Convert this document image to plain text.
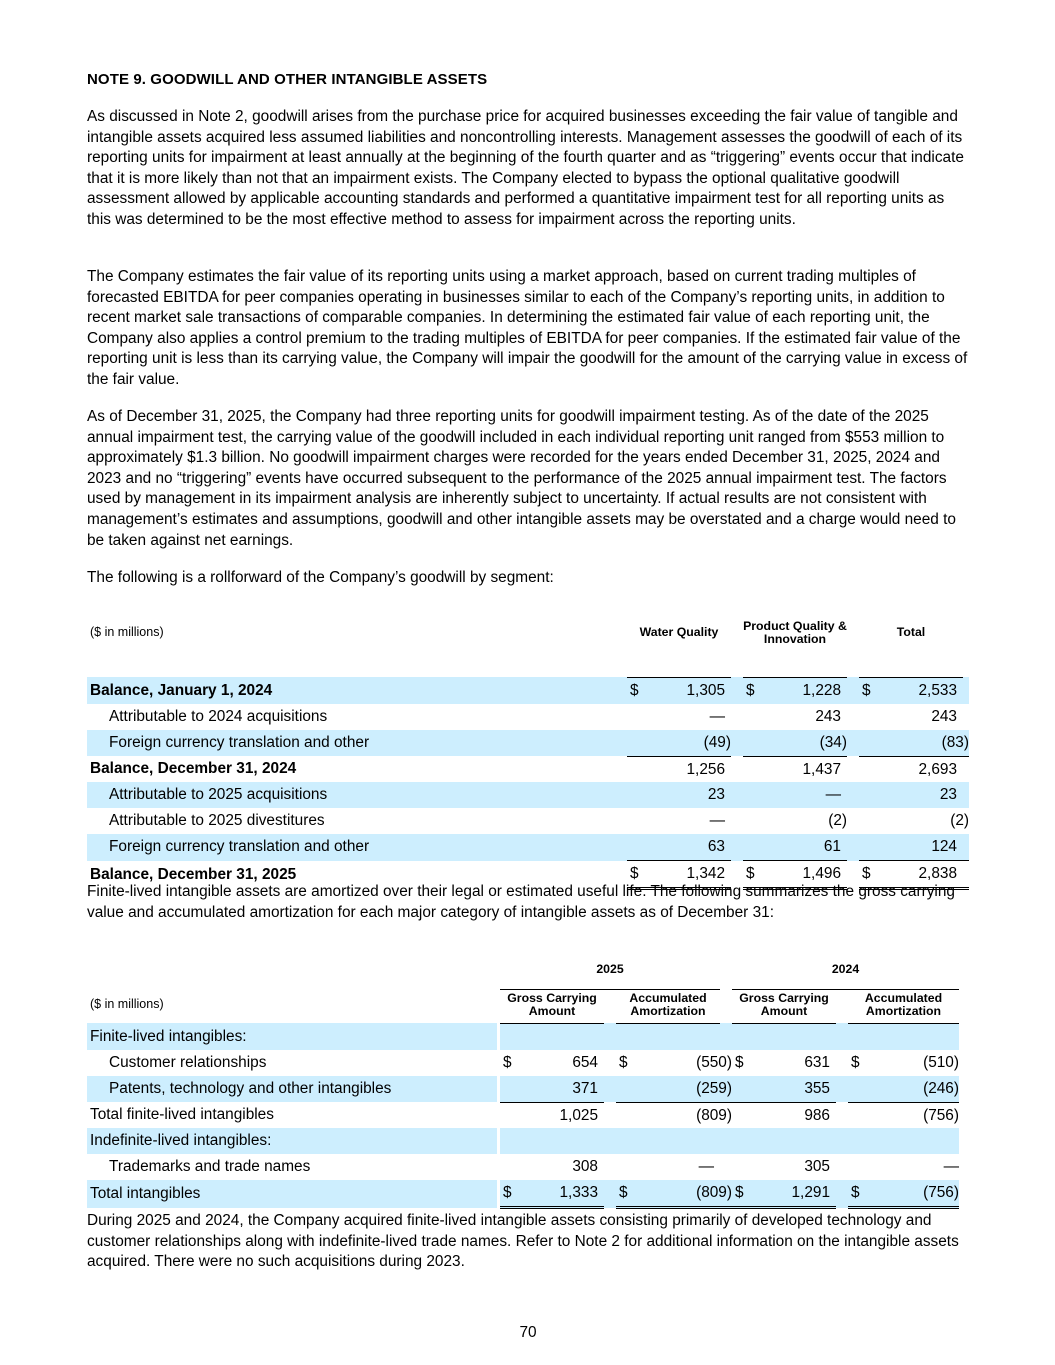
NOTE 9. GOODWILL AND OTHER INTANGIBLE ASSETS
As discussed in Note 2, goodwill arises from the purchase price for acquired businesses exceeding the fair value of tangible and intangible assets acquired less assumed liabilities and noncontrolling interests. Management assesses the goodwill of each of its reporting units for impairment at least annually at the beginning of the fourth quarter and as “triggering” events occur that indicate that it is more likely than not that an impairment exists. The Company elected to bypass the optional qualitative goodwill assessment allowed by applicable accounting standards and performed a quantitative impairment test for all reporting units as this was determined to be the most effective method to assess for impairment across the reporting units.
The Company estimates the fair value of its reporting units using a market approach, based on current trading multiples of forecasted EBITDA for peer companies operating in businesses similar to each of the Company’s reporting units, in addition to recent market sale transactions of comparable companies. In determining the estimated fair value of each reporting unit, the Company also applies a control premium to the trading multiples of EBITDA for peer companies. If the estimated fair value of the reporting unit is less than its carrying value, the Company will impair the goodwill for the amount of the carrying value in excess of the fair value.
As of December 31, 2025, the Company had three reporting units for goodwill impairment testing. As of the date of the 2025 annual impairment test, the carrying value of the goodwill included in each individual reporting unit ranged from $553 million to approximately $1.3 billion. No goodwill impairment charges were recorded for the years ended December 31, 2025, 2024 and 2023 and no “triggering” events have occurred subsequent to the performance of the 2025 annual impairment test. The factors used by management in its impairment analysis are inherently subject to uncertainty. If actual results are not consistent with management’s estimates and assumptions, goodwill and other intangible assets may be overstated and a charge would need to be taken against net earnings.
The following is a rollforward of the Company’s goodwill by segment:
($ in millions)		Water Quality			Product Quality & Innovation			Total		

Balance, January 1, 2024		$	1,305		$	1,228		$	2,533	
Attributable to 2024 acquisitions			—			243			243	
Foreign currency translation and other			(49)			(34)			(83)	
Balance, December 31, 2024			1,256			1,437			2,693	
Attributable to 2025 acquisitions			23			—			23	
Attributable to 2025 divestitures			—			(2)			(2)	
Foreign currency translation and other			63			61			124	
Balance, December 31, 2025		$	1,342		$	1,496		$	2,838	
Finite-lived intangible assets are amortized over their legal or estimated useful life. The following summarizes the gross carrying value and accumulated amortization for each major category of intangible assets as of December 31:
		2025						2024				
($ in millions)		Gross Carrying Amount			Accumulated Amortization			Gross Carrying Amount			Accumulated Amortization	
Finite-lived intangibles:												
Customer relationships		$	654		$	(550)		$	631		$	(510)
Patents, technology and other intangibles			371			(259)			355			(246)
Total finite-lived intangibles			1,025			(809)			986			(756)
Indefinite-lived intangibles:												
Trademarks and trade names			308			—			305			—
Total intangibles		$	1,333		$	(809)		$	1,291		$	(756)
During 2025 and 2024, the Company acquired finite-lived intangible assets consisting primarily of developed technology and customer relationships along with indefinite-lived trade names. Refer to Note 2 for additional information on the intangible assets acquired. There were no such acquisitions during 2023.
70
